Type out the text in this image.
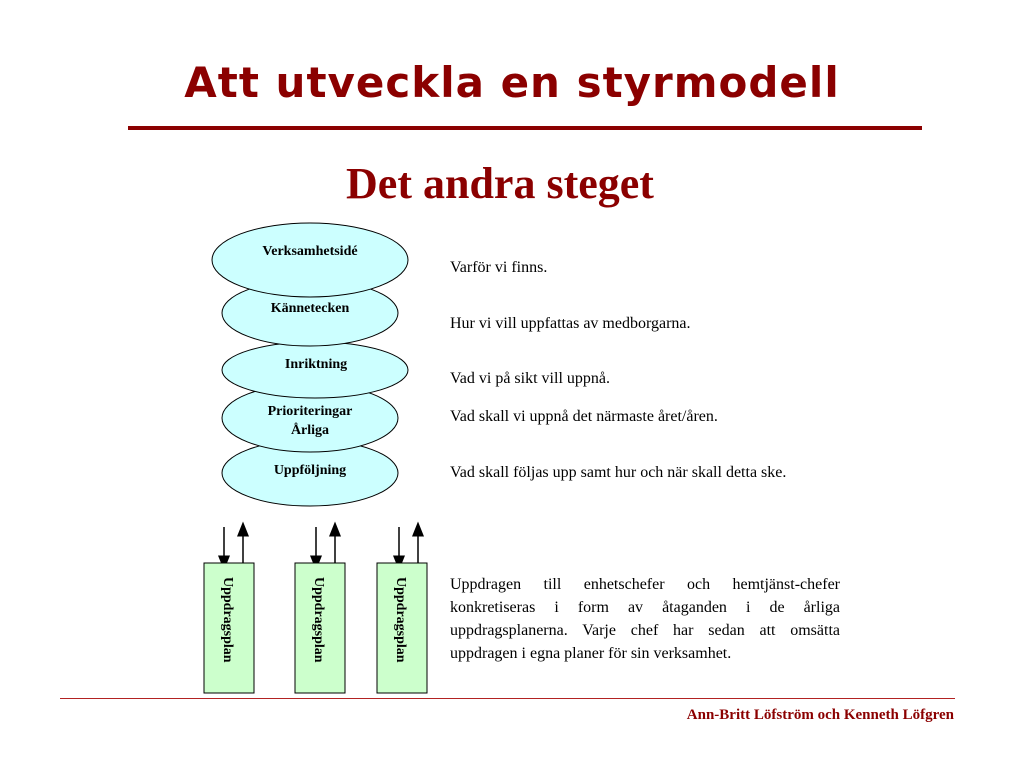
Att utveckla en styrmodell
Det andra steget
Verksamhetsidé
Kännetecken
Inriktning
Prioriteringar
Årliga
Uppföljning
Uppdragsplan	Uppdragsplan	Uppdragsplan
Varför vi finns.
Hur vi vill uppfattas av medborgarna.
Vad vi på sikt vill uppnå.
Vad skall vi uppnå det närmaste året/åren.
Vad skall följas upp samt hur och när skall detta ske.
Uppdragen till enhetschefer och hemtjänst-chefer konkretiseras i form av åtaganden i de årliga uppdragsplanerna. Varje chef har sedan att omsätta uppdragen i egna planer för sin verksamhet.
Ann-Britt Löfström och Kenneth Löfgren
